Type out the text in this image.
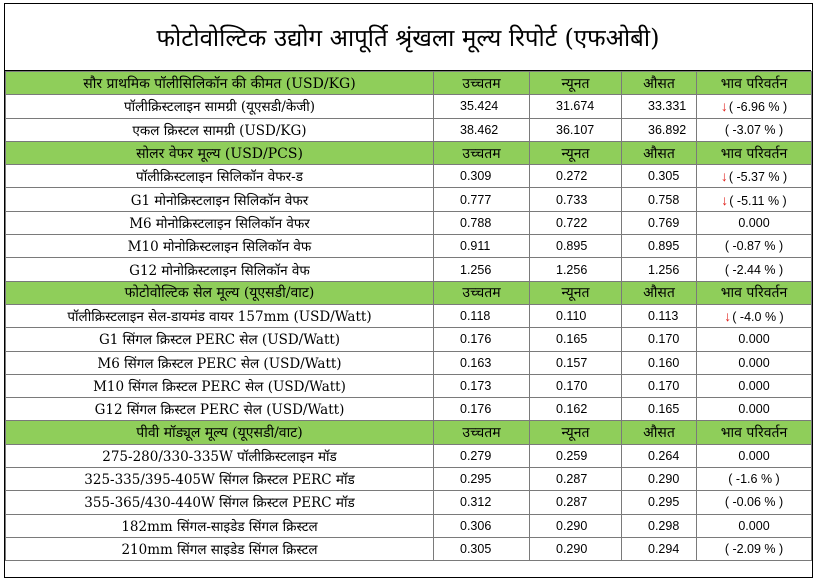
फोटोवोल्टिक उद्योग आपूर्ति श्रृंखला मूल्य रिपोर्ट (एफओबी)
सौर प्राथमिक पॉलीसिलिकॉन की कीमत (USD/KG)	उच्चतम	न्यूनत	औसत	भाव परिवर्तन
पॉलीक्रिस्टलाइन सामग्री (यूएसडी/केजी)	35.424	31.674	33.331	↓( -6.96 % )
एकल क्रिस्टल सामग्री (USD/KG)	38.462	36.107	36.892	( -3.07 % )
सोलर वेफर मूल्य (USD/PCS)	उच्चतम	न्यूनत	औसत	भाव परिवर्तन
पॉलीक्रिस्टलाइन सिलिकॉन वेफर-ड	0.309	0.272	0.305	↓( -5.37 % )
G1 मोनोक्रिस्टलाइन सिलिकॉन वेफर	0.777	0.733	0.758	↓( -5.11 % )
M6 मोनोक्रिस्टलाइन सिलिकॉन वेफर	0.788	0.722	0.769	0.000
M10 मोनोक्रिस्टलाइन सिलिकॉन वेफ	0.911	0.895	0.895	( -0.87 % )
G12 मोनोक्रिस्टलाइन सिलिकॉन वेफ	1.256	1.256	1.256	( -2.44 % )
फोटोवोल्टिक सेल मूल्य (यूएसडी/वाट)	उच्चतम	न्यूनत	औसत	भाव परिवर्तन
पॉलीक्रिस्टलाइन सेल-डायमंड वायर 157mm (USD/Watt)	0.118	0.110	0.113	↓( -4.0 % )
G1 सिंगल क्रिस्टल PERC सेल (USD/Watt)	0.176	0.165	0.170	0.000
M6 सिंगल क्रिस्टल PERC सेल (USD/Watt)	0.163	0.157	0.160	0.000
M10 सिंगल क्रिस्टल PERC सेल (USD/Watt)	0.173	0.170	0.170	0.000
G12 सिंगल क्रिस्टल PERC सेल (USD/Watt)	0.176	0.162	0.165	0.000
पीवी मॉड्यूल मूल्य (यूएसडी/वाट)	उच्चतम	न्यूनत	औसत	भाव परिवर्तन
275-280/330-335W पॉलीक्रिस्टलाइन मॉड	0.279	0.259	0.264	0.000
325-335/395-405W सिंगल क्रिस्टल PERC मॉड	0.295	0.287	0.290	( -1.6 % )
355-365/430-440W सिंगल क्रिस्टल PERC मॉड	0.312	0.287	0.295	( -0.06 % )
182mm सिंगल-साइडेड सिंगल क्रिस्टल	0.306	0.290	0.298	0.000
210mm सिंगल साइडेड सिंगल क्रिस्टल	0.305	0.290	0.294	( -2.09 % )
